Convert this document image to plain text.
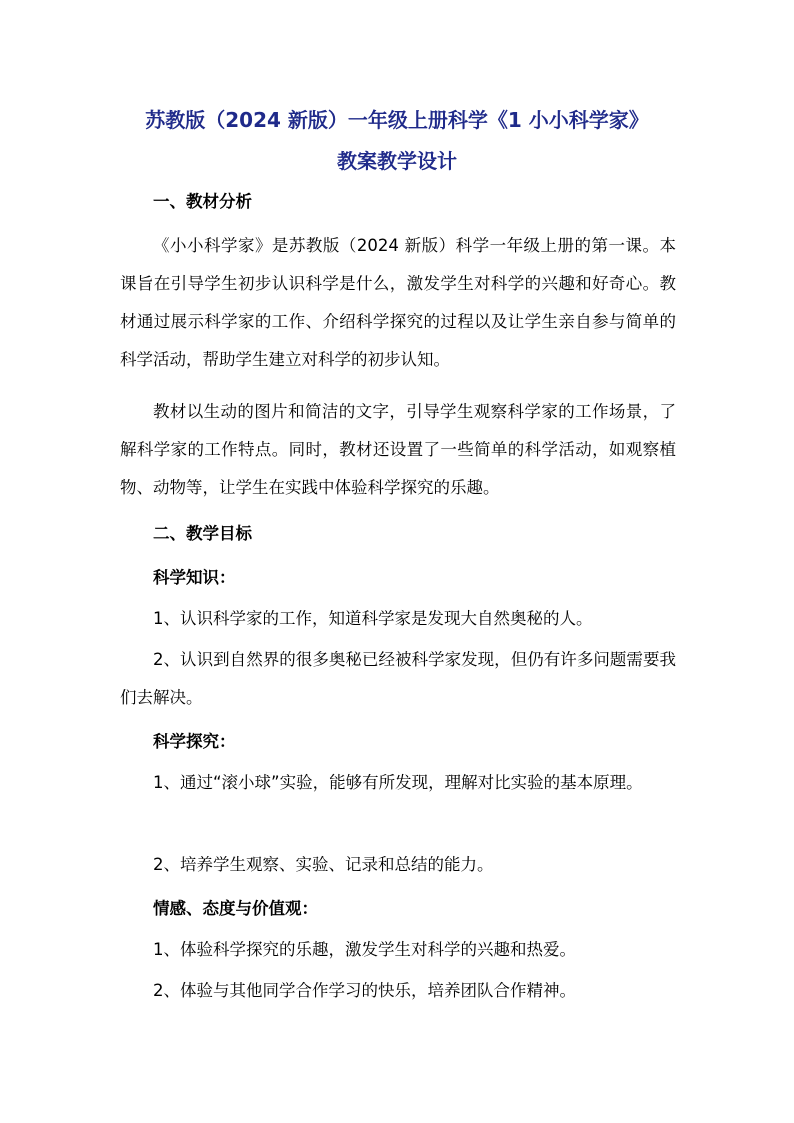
苏教版（2024 新版）一年级上册科学《1 小小科学家》
教案教学设计

一、教材分析

《小小科学家》是苏教版（2024 新版）科学一年级上册的第一课。本课旨在引导学生初步认识科学是什么，激发学生对科学的兴趣和好奇心。教材通过展示科学家的工作、介绍科学探究的过程以及让学生亲自参与简单的科学活动，帮助学生建立对科学的初步认知。

教材以生动的图片和简洁的文字，引导学生观察科学家的工作场景，了解科学家的工作特点。同时，教材还设置了一些简单的科学活动，如观察植物、动物等，让学生在实践中体验科学探究的乐趣。

二、教学目标

科学知识：

1、认识科学家的工作，知道科学家是发现大自然奥秘的人。

2、认识到自然界的很多奥秘已经被科学家发现，但仍有许多问题需要我们去解决。

科学探究：

1、通过“滚小球”实验，能够有所发现，理解对比实验的基本原理。

2、培养学生观察、实验、记录和总结的能力。

情感、态度与价值观：

1、体验科学探究的乐趣，激发学生对科学的兴趣和热爱。

2、体验与其他同学合作学习的快乐，培养团队合作精神。
